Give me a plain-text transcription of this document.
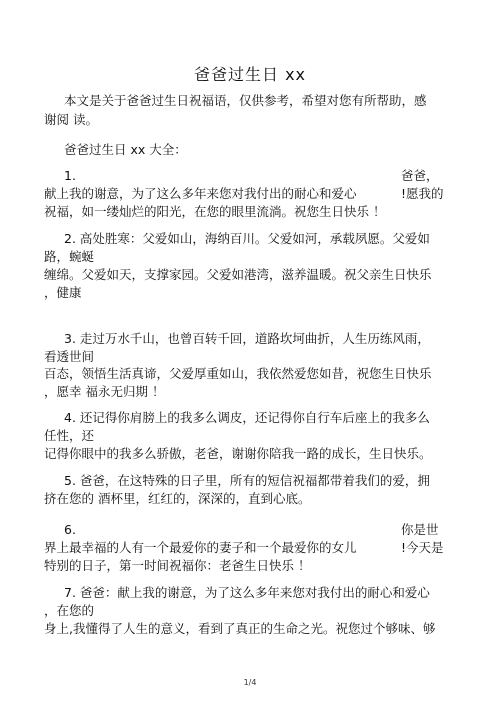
爸爸过生日 xx
本文是关于爸爸过生日祝福语，仅供参考，希望对您有所帮助，感
谢阅 读。
爸爸过生日 xx 大全：
1.	爸爸，
献上我的谢意，为了这么多年来您对我付出的耐心和爱心	!愿我的
祝福，如一缕灿烂的阳光，在您的眼里流淌。祝您生日快乐 ！
2. 高处胜寒：父爱如山，海纳百川。父爱如河，承载夙愿。父爱如
路，蜿蜒
缠绵。父爱如天，支撑家园。父爱如港湾，滋养温暖。祝父亲生日快乐
，健康
3. 走过万水千山，也曾百转千回，道路坎坷曲折，人生历练风雨，
看透世间
百态，领悟生活真谛，父爱厚重如山，我依然爱您如昔，祝您生日快乐
，愿幸 福永无归期 ！
4. 还记得你肩膀上的我多么调皮，还记得你自行车后座上的我多么
任性，还
记得你眼中的我多么骄傲，老爸，谢谢你陪我一路的成长，生日快乐。
5. 爸爸，在这特殊的日子里，所有的短信祝福都带着我们的爱，拥
挤在您的 酒杯里，红红的，深深的，直到心底。
6.	你是世
界上最幸福的人有一个最爱你的妻子和一个最爱你的女儿	!今天是
特别的日子，第一时间祝福你：老爸生日快乐 ！
7. 爸爸：献上我的谢意，为了这么多年来您对我付出的耐心和爱心
，在您的
身上,我懂得了人生的意义，看到了真正的生命之光。祝您过个够味、够
1/4
